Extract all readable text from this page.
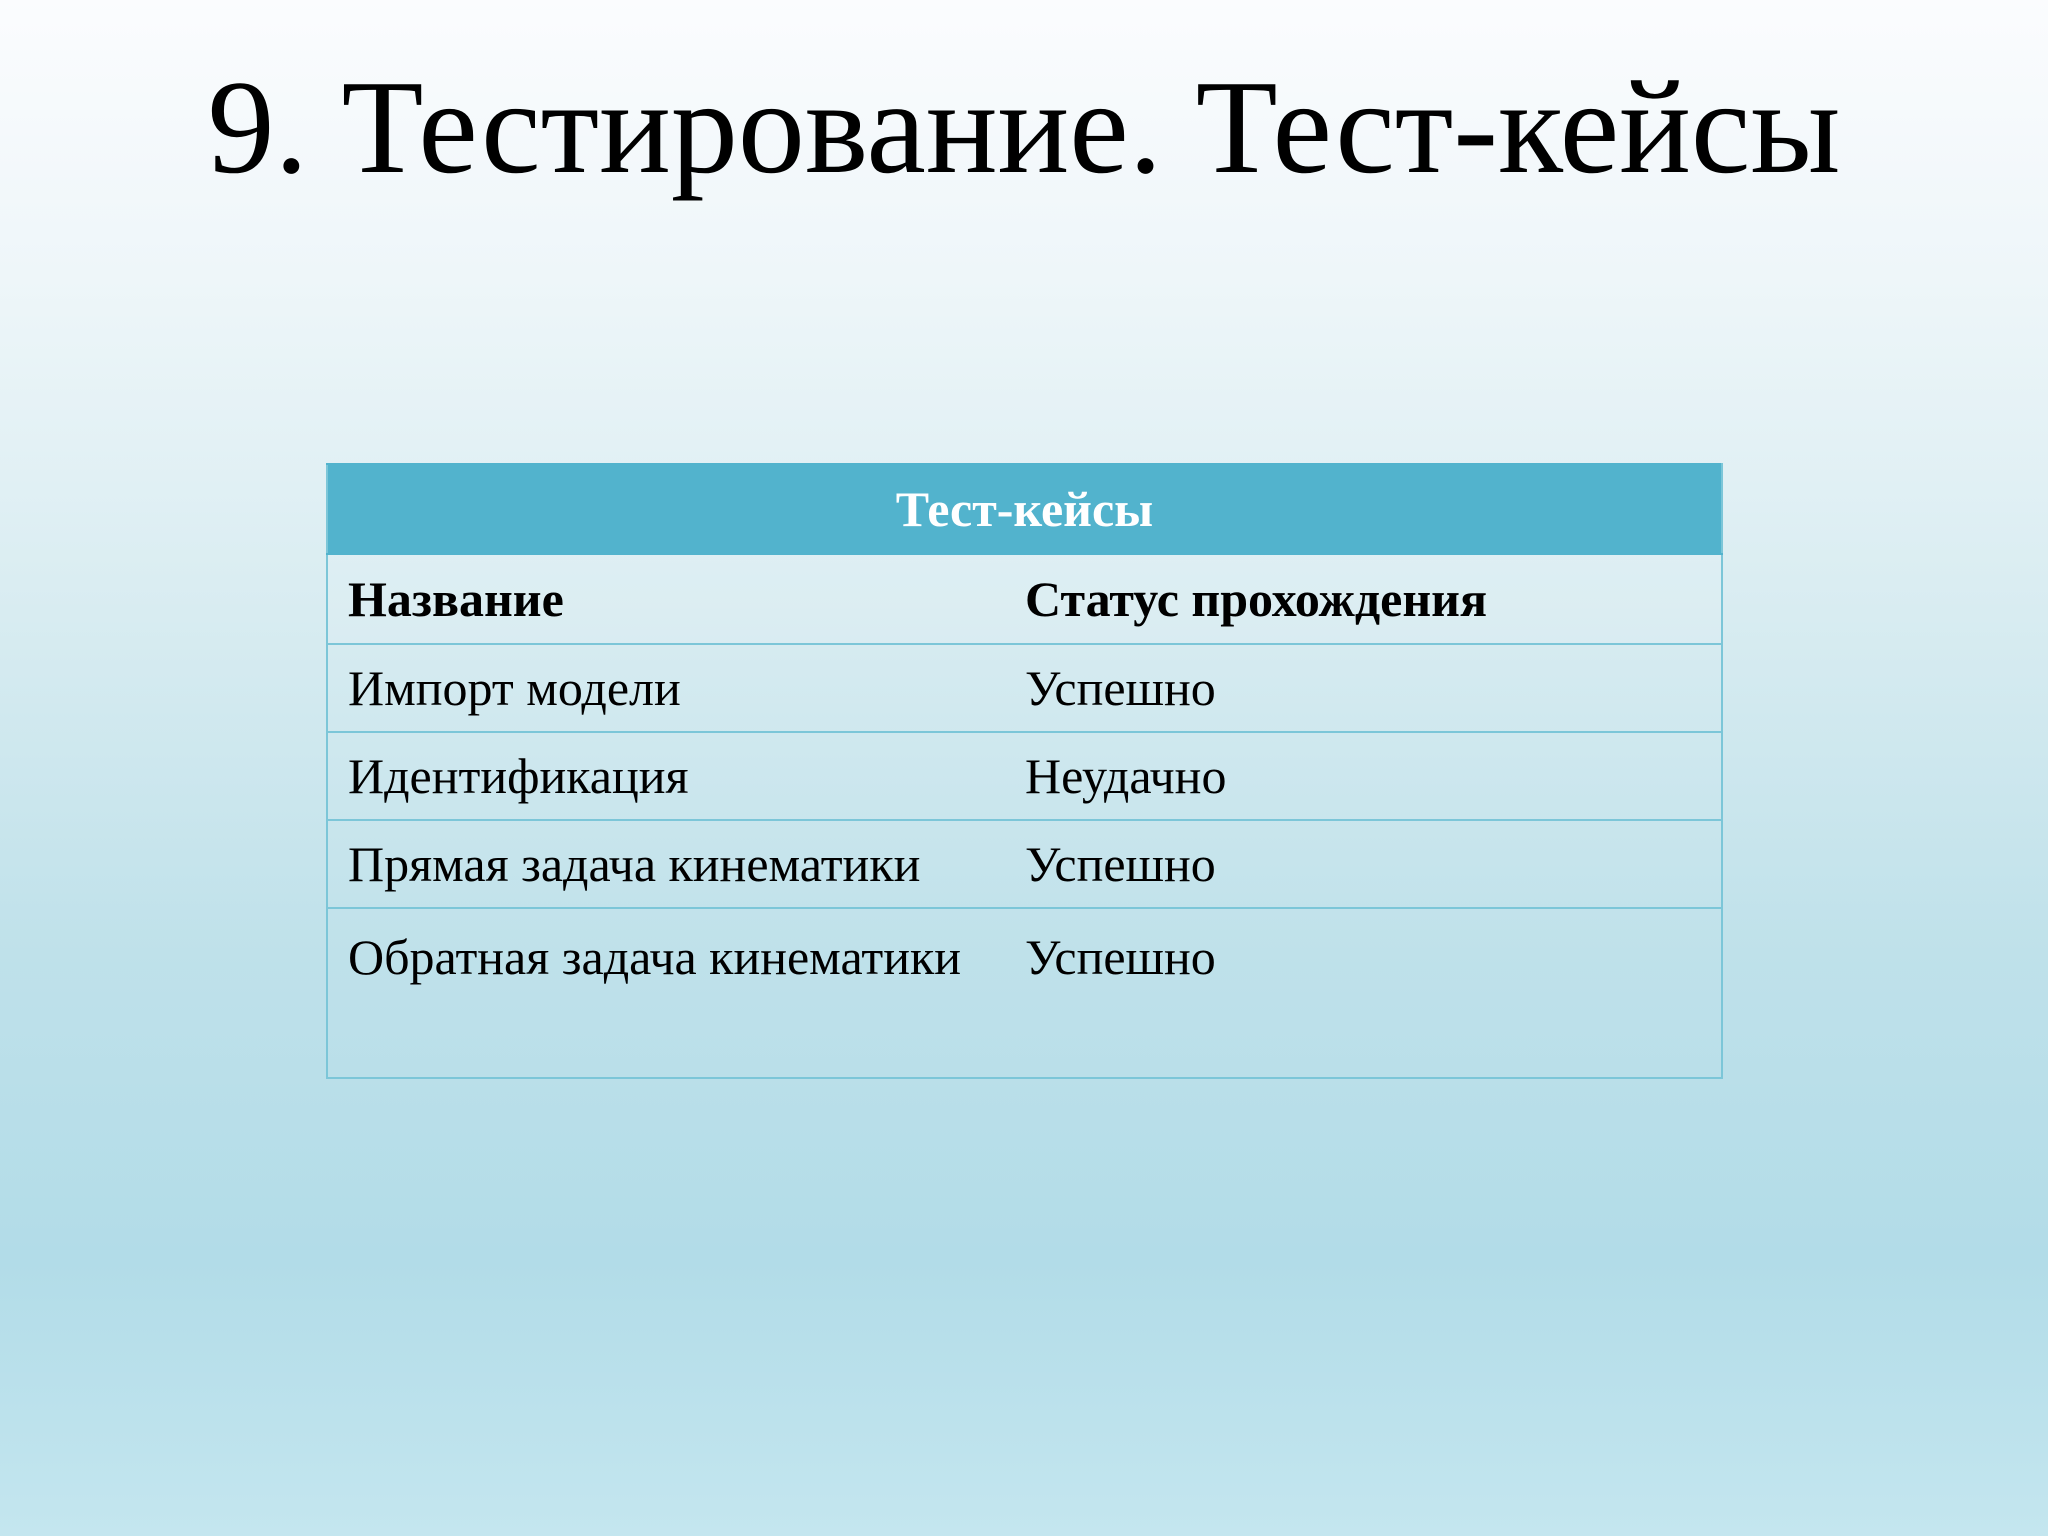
9. Тестирование. Тест-кейсы
Тест-кейсы	
Название	Статус прохождения
Импорт модели	Успешно
Идентификация	Неудачно
Прямая задача кинематики	Успешно
Обратная задача кинематики	Успешно
